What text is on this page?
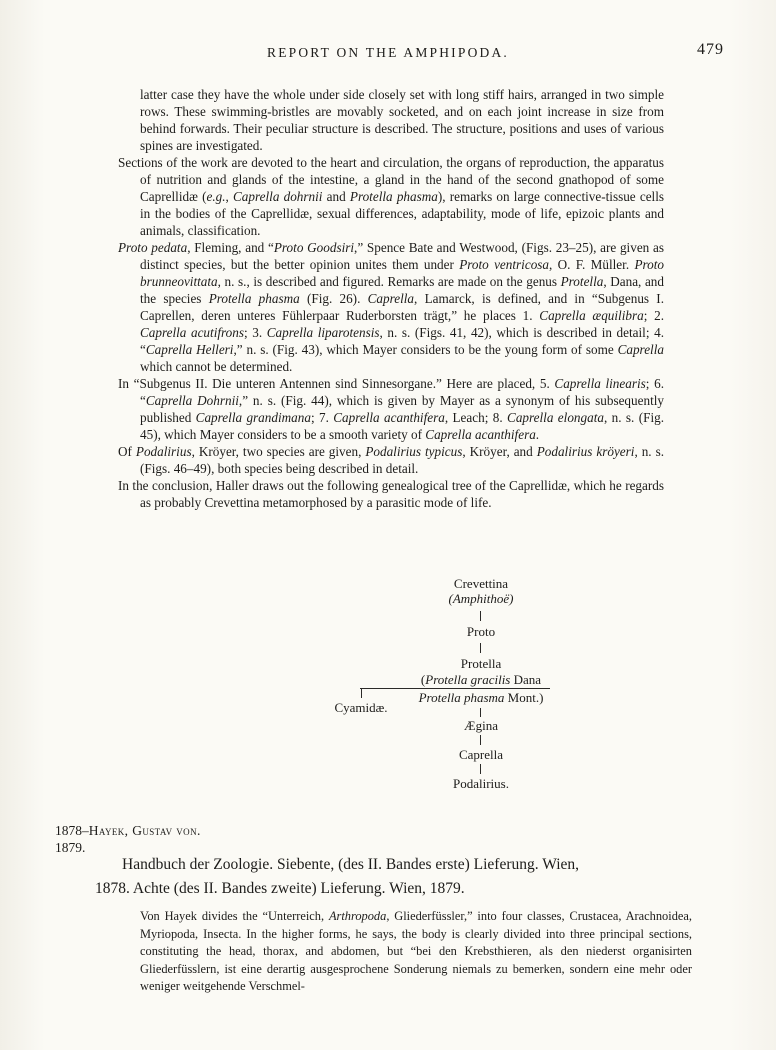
REPORT ON THE AMPHIPODA.	479

latter case they have the whole under side closely set with long stiff hairs, arranged in two simple rows. These swimming-bristles are movably socketed, and on each joint increase in size from behind forwards. Their peculiar structure is described. The structure, positions and uses of various spines are investigated.

Sections of the work are devoted to the heart and circulation, the organs of reproduction, the apparatus of nutrition and glands of the intestine, a gland in the hand of the second gnathopod of some Caprellidæ (e.g., Caprella dohrnii and Protella phasma), remarks on large connective-tissue cells in the bodies of the Caprellidæ, sexual differences, adaptability, mode of life, epizoic plants and animals, classification.

Proto pedata, Fleming, and “Proto Goodsiri,” Spence Bate and Westwood, (Figs. 23–25), are given as distinct species, but the better opinion unites them under Proto ventricosa, O. F. Müller. Proto brunneovittata, n. s., is described and figured. Remarks are made on the genus Protella, Dana, and the species Protella phasma (Fig. 26). Caprella, Lamarck, is defined, and in “Subgenus I. Caprellen, deren unteres Fühlerpaar Ruderborsten trägt,” he places 1. Caprella æquilibra; 2. Caprella acutifrons; 3. Caprella liparotensis, n. s. (Figs. 41, 42), which is described in detail; 4. “Caprella Helleri,” n. s. (Fig. 43), which Mayer considers to be the young form of some Caprella which cannot be determined.

In “Subgenus II. Die unteren Antennen sind Sinnesorgane.” Here are placed, 5. Caprella linearis; 6. “Caprella Dohrnii,” n. s. (Fig. 44), which is given by Mayer as a synonym of his subsequently published Caprella grandimana; 7. Caprella acanthifera, Leach; 8. Caprella elongata, n. s. (Fig. 45), which Mayer considers to be a smooth variety of Caprella acanthifera.

Of Podalirius, Kröyer, two species are given, Podalirius typicus, Kröyer, and Podalirius kröyeri, n. s. (Figs. 46–49), both species being described in detail.

In the conclusion, Haller draws out the following genealogical tree of the Caprellidæ, which he regards as probably Crevettina metamorphosed by a parasitic mode of life.

Crevettina
(Amphithoë)
Proto
Protella
(Protella gracilis Dana
Protella phasma Mont.)
Cyamidæ.
Ægina
Caprella
Podalirius.
1878–Hayek, Gustav von.
1879.
Handbuch der Zoologie. Siebente, (des II. Bandes erste) Lieferung. Wien,
1878. Achte (des II. Bandes zweite) Lieferung. Wien, 1879.

Von Hayek divides the “Unterreich, Arthropoda, Gliederfüssler,” into four classes, Crustacea, Arachnoidea, Myriopoda, Insecta. In the higher forms, he says, the body is clearly divided into three principal sections, constituting the head, thorax, and abdomen, but “bei den Krebsthieren, als den niederst organisirten Gliederfüsslern, ist eine derartig ausgesprochene Sonderung niemals zu bemerken, sondern eine mehr oder weniger weitgehende Verschmel-
